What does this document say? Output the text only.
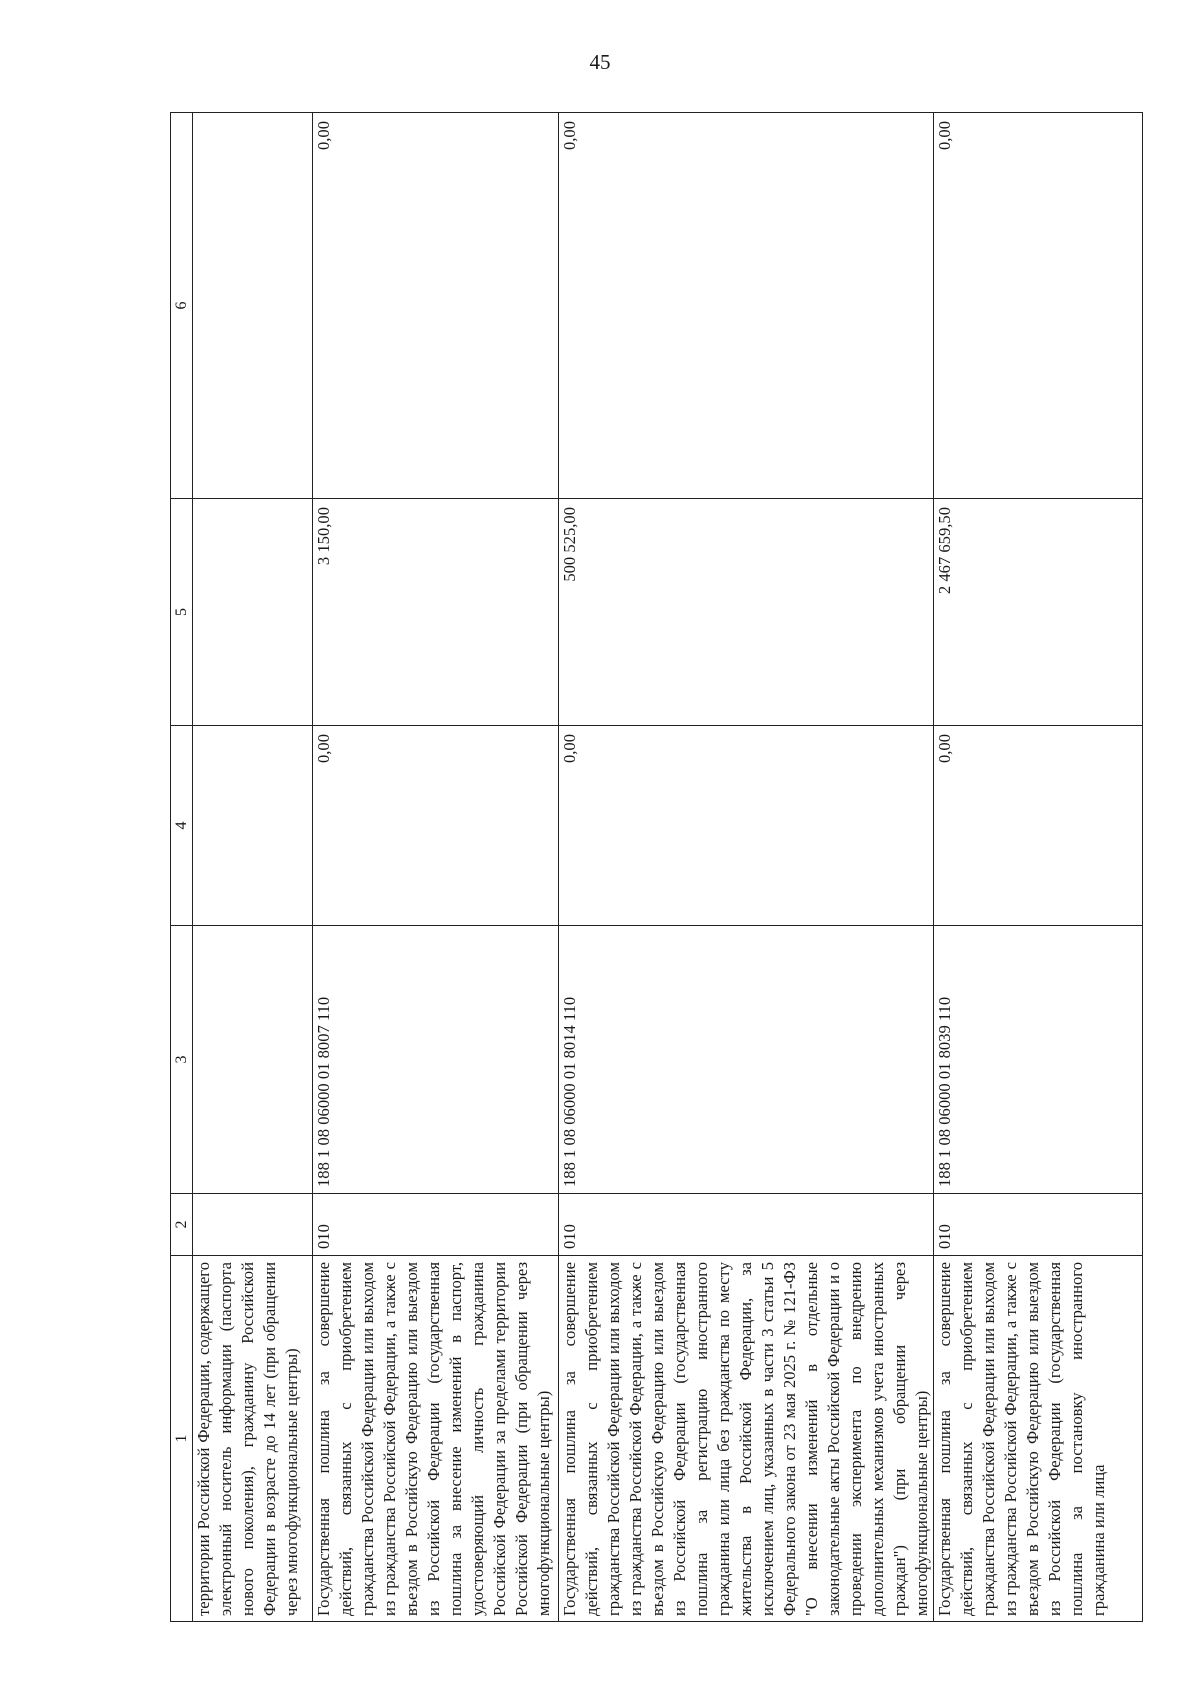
45
1	2	3	4	5	6
территории Российской Федерации, содержащего электронный носитель информации (паспорта нового поколения), гражданину Российской Федерации в возрасте до 14 лет (при обращении через многофункциональные центры)					
Государственная пошлина за совершение действий, связанных с приобретением гражданства Российской Федерации или выходом из гражданства Российской Федерации, а также с въездом в Российскую Федерацию или выездом из Российской Федерации (государственная пошлина за внесение изменений в паспорт, удостоверяющий личность гражданина Российской Федерации за пределами территории Российской Федерации (при обращении через многофункциональные центры)	010	188 1 08 06000 01 8007 110	0,00	3 150,00	0,00
Государственная пошлина за совершение действий, связанных с приобретением гражданства Российской Федерации или выходом из гражданства Российской Федерации, а также с въездом в Российскую Федерацию или выездом из Российской Федерации (государственная пошлина за регистрацию иностранного гражданина или лица без гражданства по месту жительства в Российской Федерации, за исключением лиц, указанных в части 3 статьи 5 Федерального закона от 23 мая 2025 г. № 121-ФЗ "О внесении изменений в отдельные законодательные акты Российской Федерации и о проведении эксперимента по внедрению дополнительных механизмов учета иностранных граждан") (при обращении через многофункциональные центры)	010	188 1 08 06000 01 8014 110	0,00	500 525,00	0,00
Государственная пошлина за совершение действий, связанных с приобретением гражданства Российской Федерации или выходом из гражданства Российской Федерации, а также с въездом в Российскую Федерацию или выездом из Российской Федерации (государственная пошлина за постановку иностранного гражданина или лица	010	188 1 08 06000 01 8039 110	0,00	2 467 659,50	0,00
